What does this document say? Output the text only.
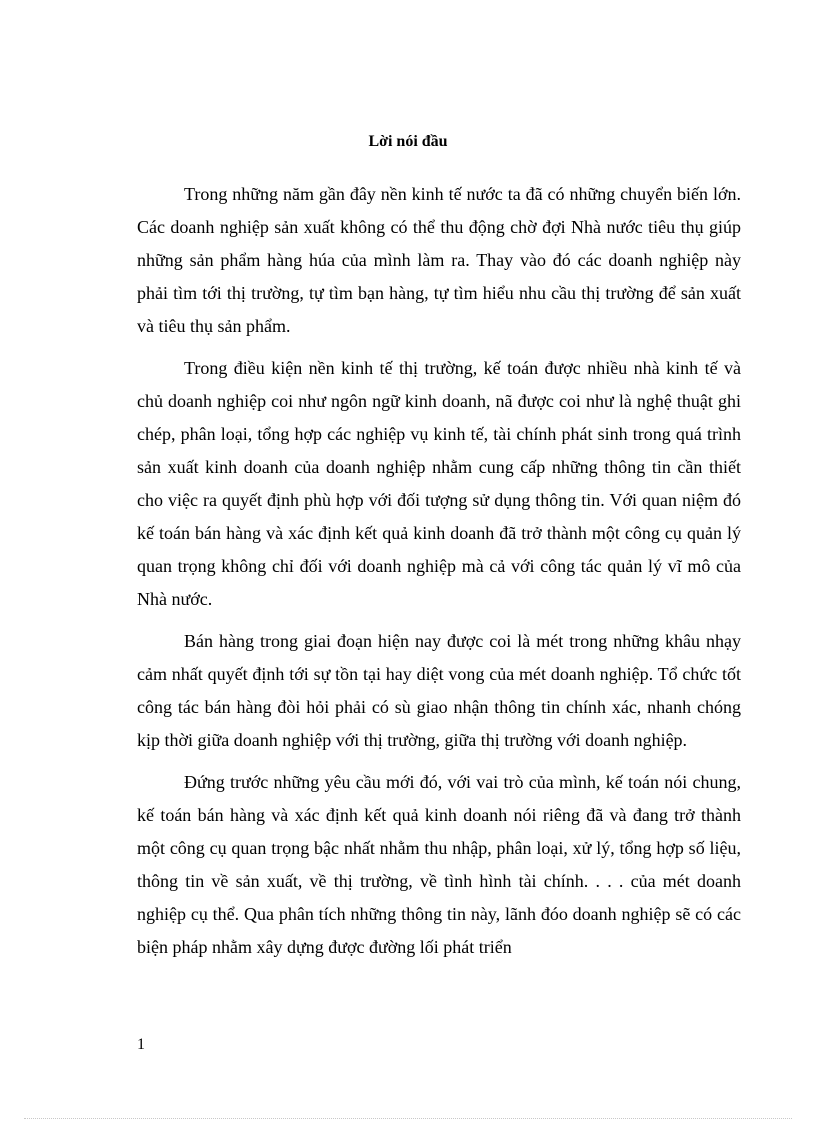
Lời nói đầu

Trong những năm gần đây nền kinh tế nước ta đã có những chuyển biến lớn. Các doanh nghiệp sản xuất không có thể thu động chờ đợi Nhà nước tiêu thụ giúp những sản phẩm hàng húa của mình làm ra. Thay vào đó các doanh nghiệp này phải tìm tới thị trường, tự tìm bạn hàng, tự tìm hiểu nhu cầu thị trường để sản xuất và tiêu thụ sản phẩm.

Trong điều kiện nền kinh tế thị trường, kế toán được nhiều nhà kinh tế và chủ doanh nghiệp coi như ngôn ngữ kinh doanh, nã được coi như là nghệ thuật ghi chép, phân loại, tổng hợp các nghiệp vụ kinh tế, tài chính phát sinh trong quá trình sản xuất kinh doanh của doanh nghiệp nhằm cung cấp những thông tin cần thiết cho việc ra quyết định phù hợp với đối tượng sử dụng thông tin. Với quan niệm đó kế toán bán hàng và xác định kết quả kinh doanh đã trở thành một công cụ quản lý quan trọng không chỉ đối với doanh nghiệp mà cả với công tác quản lý vĩ mô của Nhà nước.

Bán hàng trong giai đoạn hiện nay được coi là mét trong những khâu nhạy cảm nhất quyết định tới sự tồn tại hay diệt vong của mét doanh nghiệp. Tổ chức tốt công tác bán hàng đòi hỏi phải có sù giao nhận thông tin chính xác, nhanh chóng kịp thời giữa doanh nghiệp với thị trường, giữa thị trường với doanh nghiệp.

Đứng trước những yêu cầu mới đó, với vai trò của mình, kế toán nói chung, kế toán bán hàng và xác định kết quả kinh doanh nói riêng đã và đang trở thành một công cụ quan trọng bậc nhất nhằm thu nhập, phân loại, xử lý, tổng hợp số liệu, thông tin về sản xuất, về thị trường, về tình hình tài chính. . . . của mét doanh nghiệp cụ thể. Qua phân tích những thông tin này, lãnh đóo doanh nghiệp sẽ có các biện pháp nhằm xây dựng được đường lối phát triển

1
